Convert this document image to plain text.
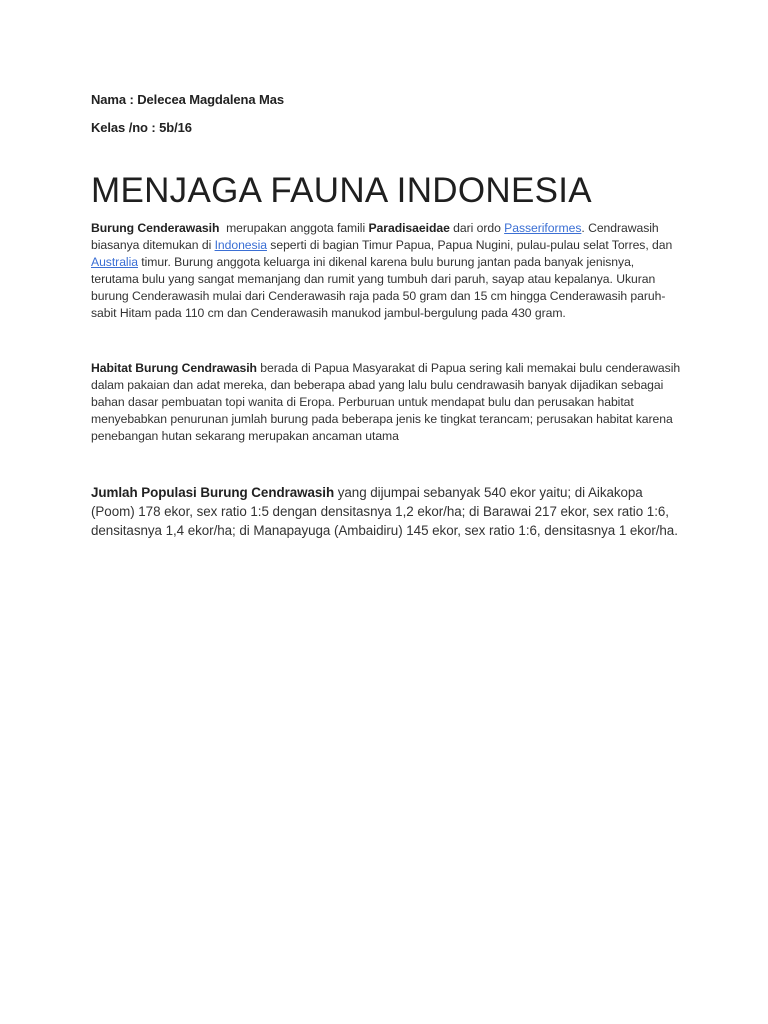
Nama : Delecea Magdalena Mas

Kelas /no : 5b/16

MENJAGA FAUNA INDONESIA

Burung Cenderawasih  merupakan anggota famili Paradisaeidae dari ordo Passeriformes. Cendrawasih biasanya ditemukan di Indonesia seperti di bagian Timur Papua, Papua Nugini, pulau-pulau selat Torres, dan Australia timur. Burung anggota keluarga ini dikenal karena bulu burung jantan pada banyak jenisnya, terutama bulu yang sangat memanjang dan rumit yang tumbuh dari paruh, sayap atau kepalanya. Ukuran burung Cenderawasih mulai dari Cenderawasih raja pada 50 gram dan 15 cm hingga Cenderawasih paruh-sabit Hitam pada 110 cm dan Cenderawasih manukod jambul-bergulung pada 430 gram.

Habitat Burung Cendrawasih berada di Papua Masyarakat di Papua sering kali memakai bulu cenderawasih dalam pakaian dan adat mereka, dan beberapa abad yang lalu bulu cendrawasih banyak dijadikan sebagai bahan dasar pembuatan topi wanita di Eropa. Perburuan untuk mendapat bulu dan perusakan habitat menyebabkan penurunan jumlah burung pada beberapa jenis ke tingkat terancam; perusakan habitat karena penebangan hutan sekarang merupakan ancaman utama

Jumlah Populasi Burung Cendrawasih yang dijumpai sebanyak 540 ekor yaitu; di Aikakopa (Poom) 178 ekor, sex ratio 1:5 dengan densitasnya 1,2 ekor/ha; di Barawai 217 ekor, sex ratio 1:6, densitasnya 1,4 ekor/ha; di Manapayuga (Ambaidiru) 145 ekor, sex ratio 1:6, densitasnya 1 ekor/ha.
